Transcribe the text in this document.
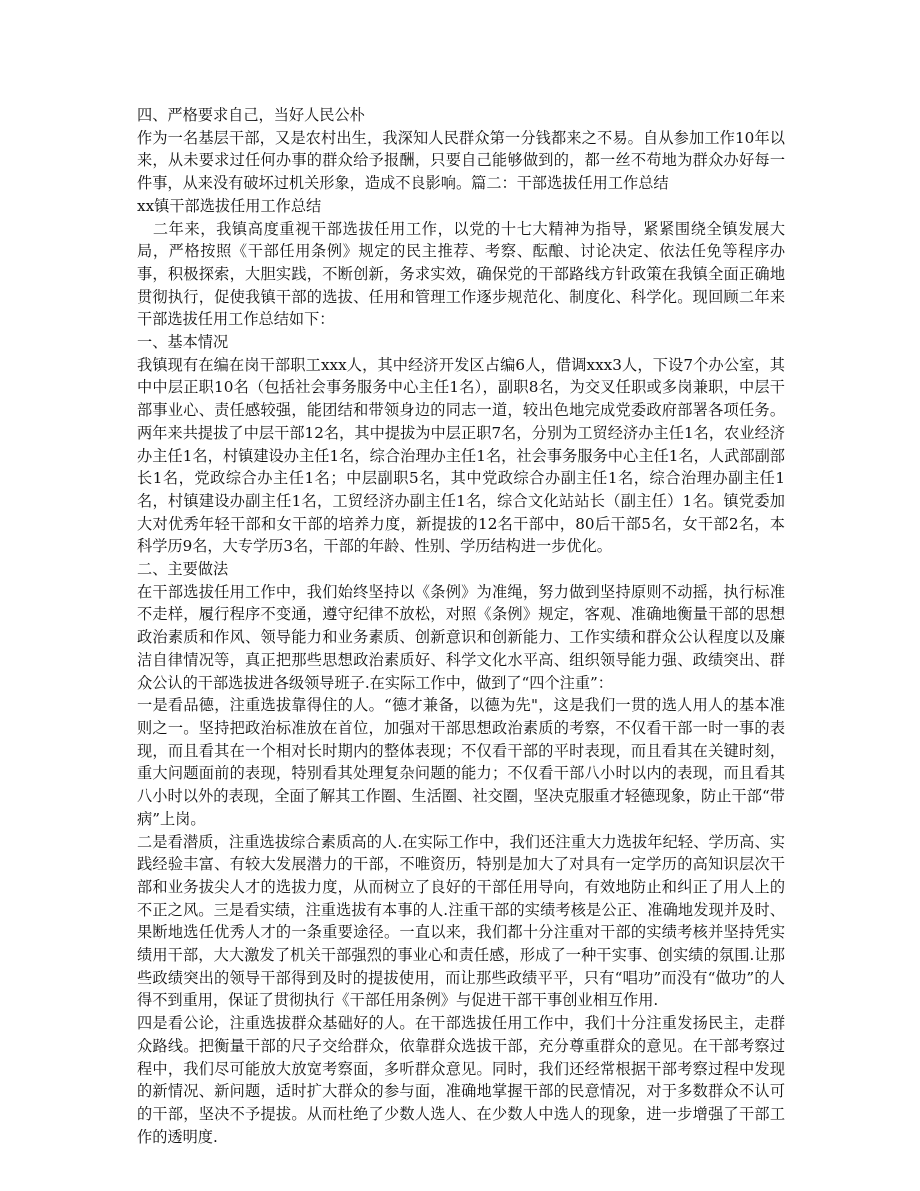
四、严格要求自己，当好人民公朴

作为一名基层干部，又是农村出生，我深知人民群众第一分钱都来之不易。自从参加工作10年以来，从未要求过任何办事的群众给予报酬，只要自己能够做到的，都一丝不苟地为群众办好每一件事，从来没有破坏过机关形象，造成不良影响。篇二：干部选拔任用工作总结

xx镇干部选拔任用工作总结

　二年来，我镇高度重视干部选拔任用工作，以党的十七大精神为指导，紧紧围绕全镇发展大局，严格按照《干部任用条例》规定的民主推荐、考察、酝酿、讨论决定、依法任免等程序办事，积极探索，大胆实践，不断创新，务求实效，确保党的干部路线方针政策在我镇全面正确地贯彻执行，促使我镇干部的选拔、任用和管理工作逐步规范化、制度化、科学化。现回顾二年来干部选拔任用工作总结如下：

一、基本情况

我镇现有在编在岗干部职工xxx人，其中经济开发区占编6人，借调xxx3人，下设7个办公室，其中中层正职10名（包括社会事务服务中心主任1名），副职8名，为交叉任职或多岗兼职，中层干部事业心、责任感较强，能团结和带领身边的同志一道，较出色地完成党委政府部署各项任务。两年来共提拔了中层干部12名，其中提拔为中层正职7名，分别为工贸经济办主任1名，农业经济办主任1名，村镇建设办主任1名，综合治理办主任1名，社会事务服务中心主任1名，人武部副部长1名，党政综合办主任1名；中层副职5名，其中党政综合办副主任1名，综合治理办副主任1名，村镇建设办副主任1名，工贸经济办副主任1名，综合文化站站长（副主任）1名。镇党委加大对优秀年轻干部和女干部的培养力度，新提拔的12名干部中，80后干部5名，女干部2名，本科学历9名，大专学历3名，干部的年龄、性别、学历结构进一步优化。

二、主要做法

在干部选拔任用工作中，我们始终坚持以《条例》为准绳，努力做到坚持原则不动摇，执行标准不走样，履行程序不变通，遵守纪律不放松，对照《条例》规定，客观、准确地衡量干部的思想政治素质和作风、领导能力和业务素质、创新意识和创新能力、工作实绩和群众公认程度以及廉洁自律情况等，真正把那些思想政治素质好、科学文化水平高、组织领导能力强、政绩突出、群众公认的干部选拔进各级领导班子.在实际工作中，做到了“四个注重”：

一是看品德，注重选拔靠得住的人。“德才兼备，以德为先"，这是我们一贯的选人用人的基本准则之一。坚持把政治标准放在首位，加强对干部思想政治素质的考察，不仅看干部一时一事的表现，而且看其在一个相对长时期内的整体表现；不仅看干部的平时表现，而且看其在关键时刻，重大问题面前的表现，特别看其处理复杂问题的能力；不仅看干部八小时以内的表现，而且看其八小时以外的表现，全面了解其工作圈、生活圈、社交圈，坚决克服重才轻德现象，防止干部“带病”上岗。

二是看潜质，注重选拔综合素质高的人.在实际工作中，我们还注重大力选拔年纪轻、学历高、实践经验丰富、有较大发展潜力的干部，不唯资历，特别是加大了对具有一定学历的高知识层次干部和业务拔尖人才的选拔力度，从而树立了良好的干部任用导向，有效地防止和纠正了用人上的不正之风。三是看实绩，注重选拔有本事的人.注重干部的实绩考核是公正、准确地发现并及时、果断地选任优秀人才的一条重要途径。一直以来，我们都十分注重对干部的实绩考核并坚持凭实绩用干部，大大激发了机关干部强烈的事业心和责任感，形成了一种干实事、创实绩的氛围.让那些政绩突出的领导干部得到及时的提拔使用，而让那些政绩平平，只有“唱功”而没有“做功”的人得不到重用，保证了贯彻执行《干部任用条例》与促进干部干事创业相互作用.

四是看公论，注重选拔群众基础好的人。在干部选拔任用工作中，我们十分注重发扬民主，走群众路线。把衡量干部的尺子交给群众，依靠群众选拔干部，充分尊重群众的意见。在干部考察过程中，我们尽可能放大放宽考察面，多听群众意见。同时，我们还经常根据干部考察过程中发现的新情况、新问题，适时扩大群众的参与面，准确地掌握干部的民意情况，对于多数群众不认可的干部，坚决不予提拔。从而杜绝了少数人选人、在少数人中选人的现象，进一步增强了干部工作的透明度.
